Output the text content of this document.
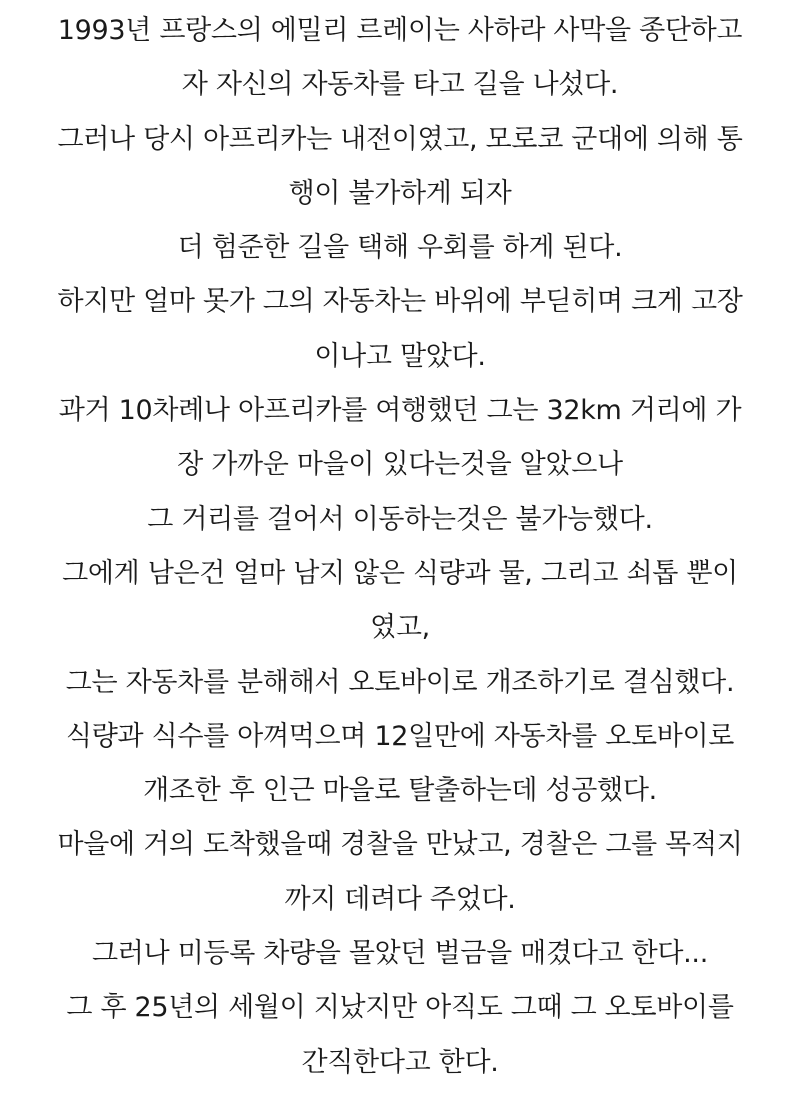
1993년 프랑스의 에밀리 르레이는 사하라 사막을 종단하고
자 자신의 자동차를 타고 길을 나섰다.
그러나 당시 아프리카는 내전이였고, 모로코 군대에 의해 통
행이 불가하게 되자
더 험준한 길을 택해 우회를 하게 된다.
하지만 얼마 못가 그의 자동차는 바위에 부딛히며 크게 고장
이나고 말았다.
과거 10차례나 아프리카를 여행했던 그는 32km 거리에 가
장 가까운 마을이 있다는것을 알았으나
그 거리를 걸어서 이동하는것은 불가능했다.
그에게 남은건 얼마 남지 않은 식량과 물, 그리고 쇠톱 뿐이
였고,
그는 자동차를 분해해서 오토바이로 개조하기로 결심했다.
식량과 식수를 아껴먹으며 12일만에 자동차를 오토바이로
개조한 후 인근 마을로 탈출하는데 성공했다.
마을에 거의 도착했을때 경찰을 만났고, 경찰은 그를 목적지
까지 데려다 주었다.
그러나 미등록 차량을 몰았던 벌금을 매겼다고 한다...
그 후 25년의 세월이 지났지만 아직도 그때 그 오토바이를
간직한다고 한다.
